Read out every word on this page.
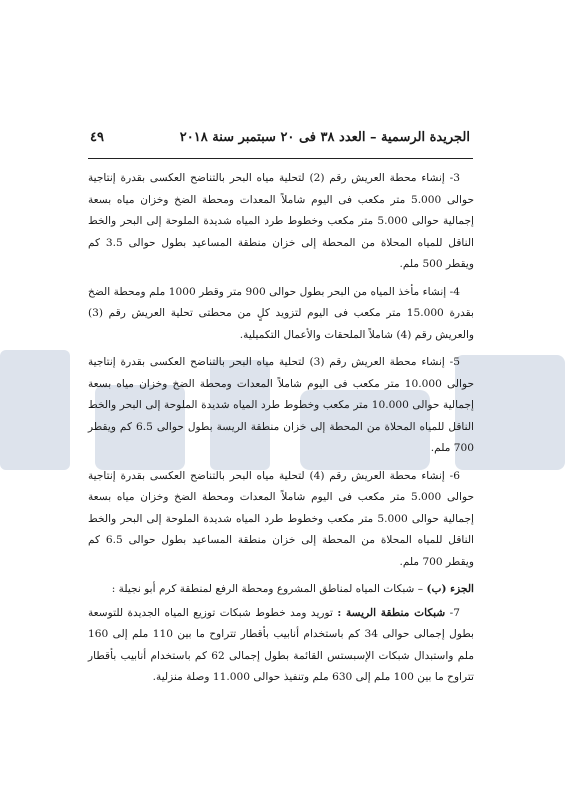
الجريدة الرسمية – العدد ٣٨ فى ٢٠ سبتمبر سنة ٢٠١٨
٤٩

3- إنشاء محطة العريش رقم (2) لتحلية مياه البحر بالتناضح العكسى بقدرة إنتاجية حوالى 5.000 متر مكعب فى اليوم شاملاً المعدات ومحطة الضخ وخزان مياه بسعة إجمالية حوالى 5.000 متر مكعب وخطوط طرد المياه شديدة الملوحة إلى البحر والخط الناقل للمياه المحلاة من المحطة إلى خزان منطقة المساعيد بطول حوالى 3.5 كم ويقطر 500 ملم.

4- إنشاء مأخذ المياه من البحر بطول حوالى 900 متر وقطر 1000 ملم ومحطة الضخ بقدرة 15.000 متر مكعب فى اليوم لتزويد كلٍ من محطتى تحلية العريش رقم (3) والعريش رقم (4) شاملاً الملحقات والأعمال التكميلية.

5- إنشاء محطة العريش رقم (3) لتحلية مياه البحر بالتناضح العكسى بقدرة إنتاجية حوالى 10.000 متر مكعب فى اليوم شاملاً المعدات ومحطة الضخ وخزان مياه بسعة إجمالية حوالى 10.000 متر مكعب وخطوط طرد المياه شديدة الملوحة إلى البحر والخط الناقل للمياه المحلاة من المحطة إلى خزان منطقة الريسة بطول حوالى 6.5 كم ويقطر 700 ملم.

6- إنشاء محطة العريش رقم (4) لتحلية مياه البحر بالتناضح العكسى بقدرة إنتاجية حوالى 5.000 متر مكعب فى اليوم شاملاً المعدات ومحطة الضخ وخزان مياه بسعة إجمالية حوالى 5.000 متر مكعب وخطوط طرد المياه شديدة الملوحة إلى البحر والخط الناقل للمياه المحلاة من المحطة إلى خزان منطقة المساعيد بطول حوالى 6.5 كم ويقطر 700 ملم.

الجزء (ب) – شبكات المياه لمناطق المشروع ومحطة الرفع لمنطقة كرم أبو نجيلة :

7- شبكات منطقة الريسة : توريد ومد خطوط شبكات توزيع المياه الجديدة للتوسعة بطول إجمالى حوالى 34 كم باستخدام أنابيب بأقطار تتراوح ما بين 110 ملم إلى 160 ملم واستبدال شبكات الإسبستس القائمة بطول إجمالى 62 كم باستخدام أنابيب بأقطار تتراوح ما بين 100 ملم إلى 630 ملم وتنفيذ حوالى 11.000 وصلة منزلية.
